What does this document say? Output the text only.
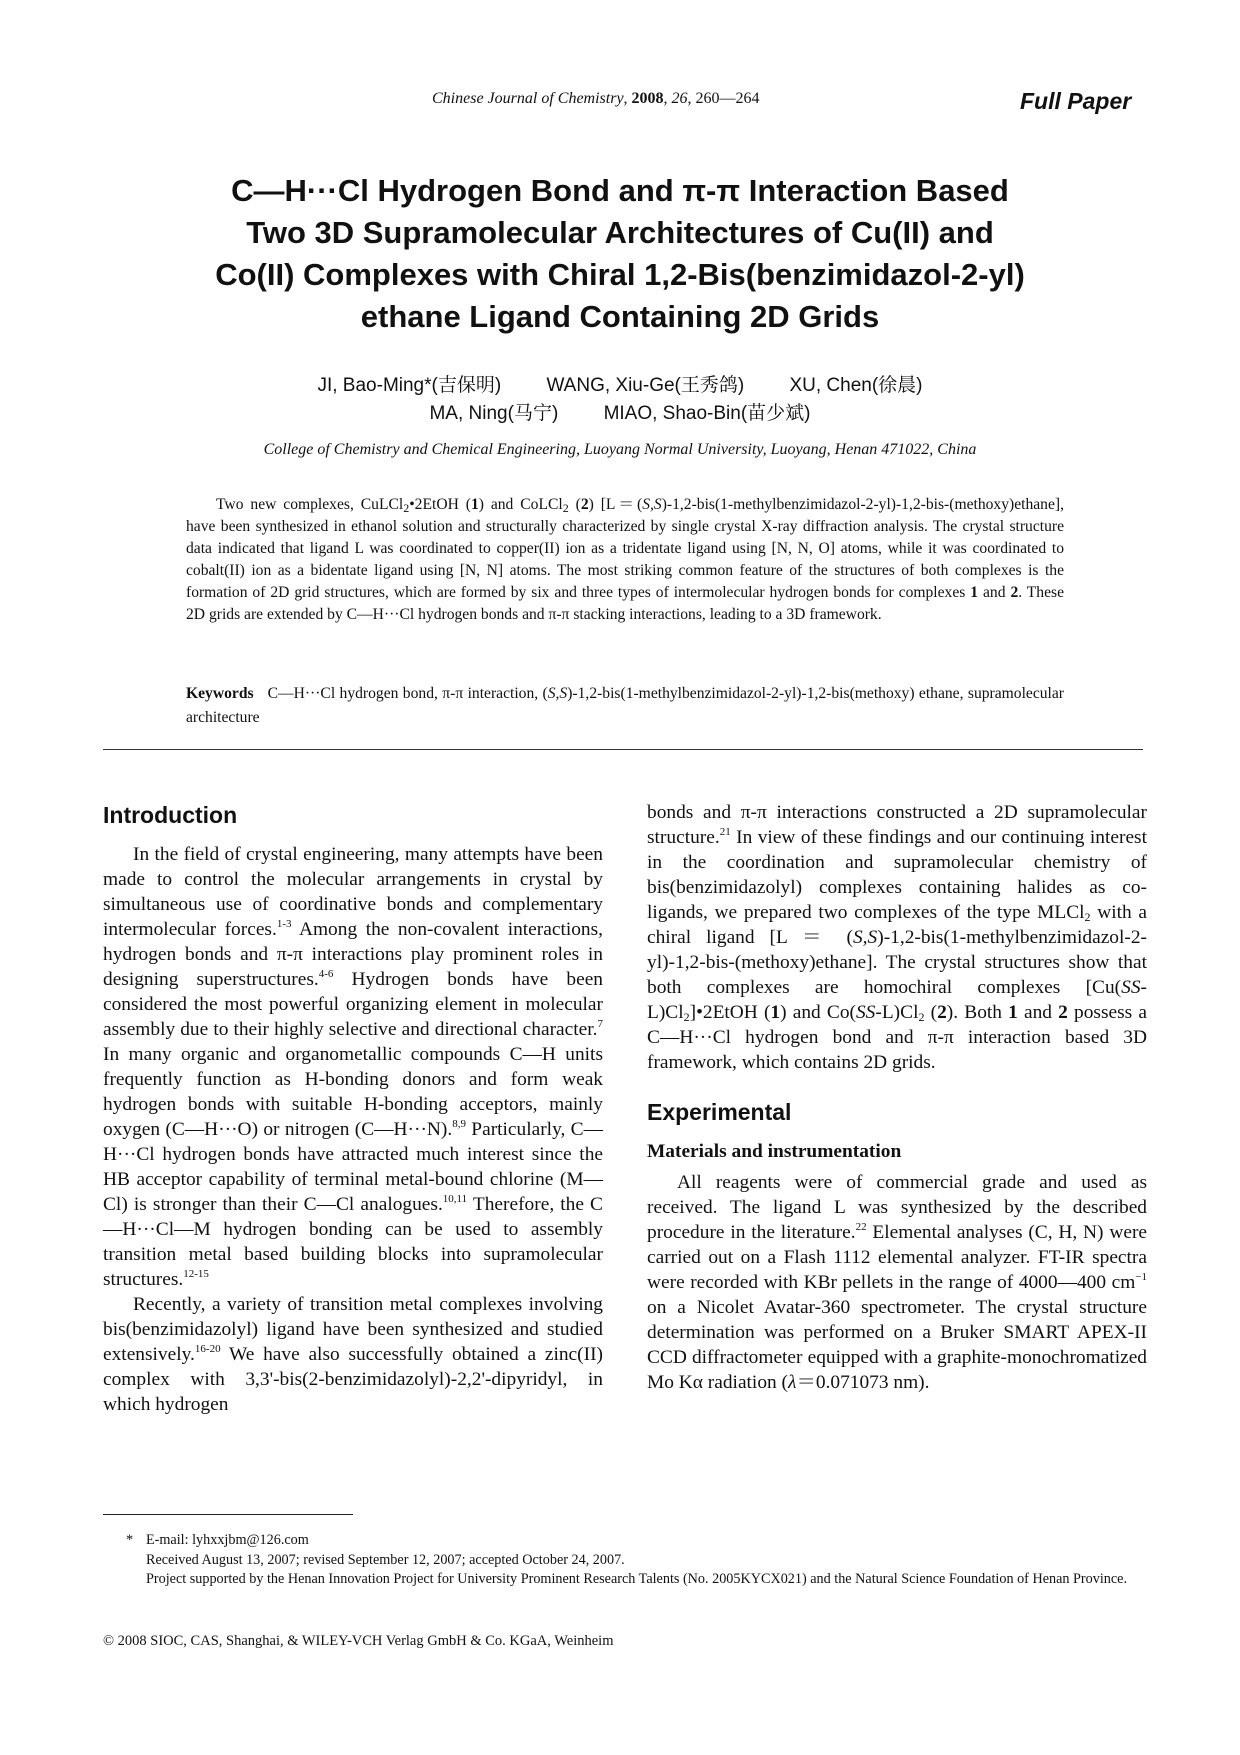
Chinese Journal of Chemistry, 2008, 26, 260—264	Full Paper
C—H···Cl Hydrogen Bond and π-π Interaction Based
Two 3D Supramolecular Architectures of Cu(II) and
Co(II) Complexes with Chiral 1,2-Bis(benzimidazol-2-yl)
ethane Ligand Containing 2D Grids
JI, Bao-Ming*(吉保明) WANG, Xiu-Ge(王秀鸽) XU, Chen(徐晨)
MA, Ning(马宁) MIAO, Shao-Bin(苗少斌)
College of Chemistry and Chemical Engineering, Luoyang Normal University, Luoyang, Henan 471022, China

Two new complexes, CuLCl$_2$•2EtOH (1) and CoLCl$_2$ (2) [L＝(S,S)-1,2-bis(1-methylbenzimidazol-2-yl)-1,2-bis-(methoxy)ethane], have been synthesized in ethanol solution and structurally characterized by single crystal X-ray diffraction analysis. The crystal structure data indicated that ligand L was coordinated to copper(II) ion as a tridentate ligand using [N, N, O] atoms, while it was coordinated to cobalt(II) ion as a bidentate ligand using [N, N] atoms. The most striking common feature of the structures of both complexes is the formation of 2D grid structures, which are formed by six and three types of intermolecular hydrogen bonds for complexes 1 and 2. These 2D grids are extended by C—H···Cl hydrogen bonds and π-π stacking interactions, leading to a 3D framework.

Keywords C—H···Cl hydrogen bond, π-π interaction, (S,S)-1,2-bis(1-methylbenzimidazol-2-yl)-1,2-bis(methoxy) ethane, supramolecular architecture
Introduction

In the field of crystal engineering, many attempts have been made to control the molecular arrangements in crystal by simultaneous use of coordinative bonds and complementary intermolecular forces.$^{1-3}$ Among the non-covalent interactions, hydrogen bonds and π-π interactions play prominent roles in designing superstructures.$^{4-6}$ Hydrogen bonds have been considered the most powerful organizing element in molecular assembly due to their highly selective and directional character.$^7$ In many organic and organometallic compounds C—H units frequently function as H-bonding donors and form weak hydrogen bonds with suitable H-bonding acceptors, mainly oxygen (C—H···O) or nitrogen (C—H···N).$^{8,9}$ Particularly, C—H···Cl hydrogen bonds have attracted much interest since the HB acceptor capability of terminal metal-bound chlorine (M—Cl) is stronger than their C—Cl analogues.$^{10,11}$ Therefore, the C—H···Cl—M hydrogen bonding can be used to assembly transition metal based building blocks into supramolecular structures.$^{12-15}$

Recently, a variety of transition metal complexes involving bis(benzimidazolyl) ligand have been synthesized and studied extensively.$^{16-20}$ We have also successfully obtained a zinc(II) complex with 3,3'-bis(2-benzimidazolyl)-2,2'-dipyridyl, in which hydrogen

bonds and π-π interactions constructed a 2D supramolecular structure.$^{21}$ In view of these findings and our continuing interest in the coordination and supramolecular chemistry of bis(benzimidazolyl) complexes containing halides as co-ligands, we prepared two complexes of the type MLCl$_2$ with a chiral ligand [L ＝ (S,S)-1,2-bis(1-methylbenzimidazol-2-yl)-1,2-bis-(methoxy)ethane]. The crystal structures show that both complexes are homochiral complexes $[Cu(SS-L)Cl_2]•2EtOH$ (1) and $Co(SS-L)Cl_2$ (2). Both 1 and 2 possess a C—H···Cl hydrogen bond and π-π interaction based 3D framework, which contains 2D grids.

Experimental
Materials and instrumentation

All reagents were of commercial grade and used as received. The ligand L was synthesized by the described procedure in the literature.$^{22}$ Elemental analyses (C, H, N) were carried out on a Flash 1112 elemental analyzer. FT-IR spectra were recorded with KBr pellets in the range of 4000—400 $cm^{-1}$ on a Nicolet Avatar-360 spectrometer. The crystal structure determination was performed on a Bruker SMART APEX-II CCD diffractometer equipped with a graphite-monochromatized Mo Kα radiation (λ＝0.071073 nm).

* E-mail: lyhxxjbm@126.com
Received August 13, 2007; revised September 12, 2007; accepted October 24, 2007.
Project supported by the Henan Innovation Project for University Prominent Research Talents (No. 2005KYCX021) and the Natural Science Foundation of Henan Province.
© 2008 SIOC, CAS, Shanghai, & WILEY-VCH Verlag GmbH & Co. KGaA, Weinheim
